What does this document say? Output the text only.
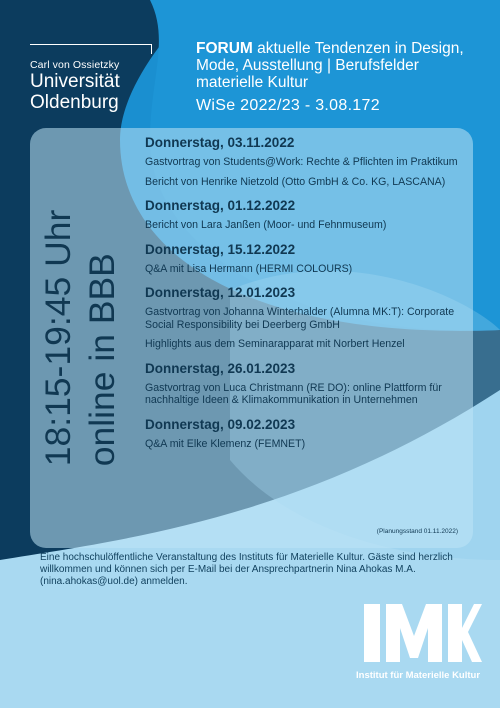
Carl von Ossietzky
Universität
Oldenburg
FORUM aktuelle Tendenzen in Design, Mode, Ausstellung | Berufsfelder materielle Kultur
WiSe 2022/23 - 3.08.172
18:15-19:45 Uhr online in BBB
Donnerstag, 03.11.2022
Gastvortrag von Students@Work: Rechte & Pflichten im Praktikum
Bericht von Henrike Nietzold (Otto GmbH & Co. KG, LASCANA)
Donnerstag, 01.12.2022
Bericht von Lara Janßen (Moor- und Fehnmuseum)
Donnerstag, 15.12.2022
Q&A mit Lisa Hermann (HERMI COLOURS)
Donnerstag, 12.01.2023
Gastvortrag von Johanna Winterhalder (Alumna MK:T): Corporate Social Responsibility bei Deerberg GmbH
Highlights aus dem Seminarapparat mit Norbert Henzel
Donnerstag, 26.01.2023
Gastvortrag von Luca Christmann (RE DO): online Plattform für nachhaltige Ideen & Klimakommunikation in Unternehmen
Donnerstag, 09.02.2023
Q&A mit Elke Klemenz (FEMNET)
(Planungsstand 01.11.2022)
Eine hochschulöffentliche Veranstaltung des Instituts für Materielle Kultur. Gäste sind herzlich willkommen und können sich per E-Mail bei der Ansprechpartnerin Nina Ahokas M.A. (nina.ahokas@uol.de) anmelden.
Institut für Materielle Kultur
